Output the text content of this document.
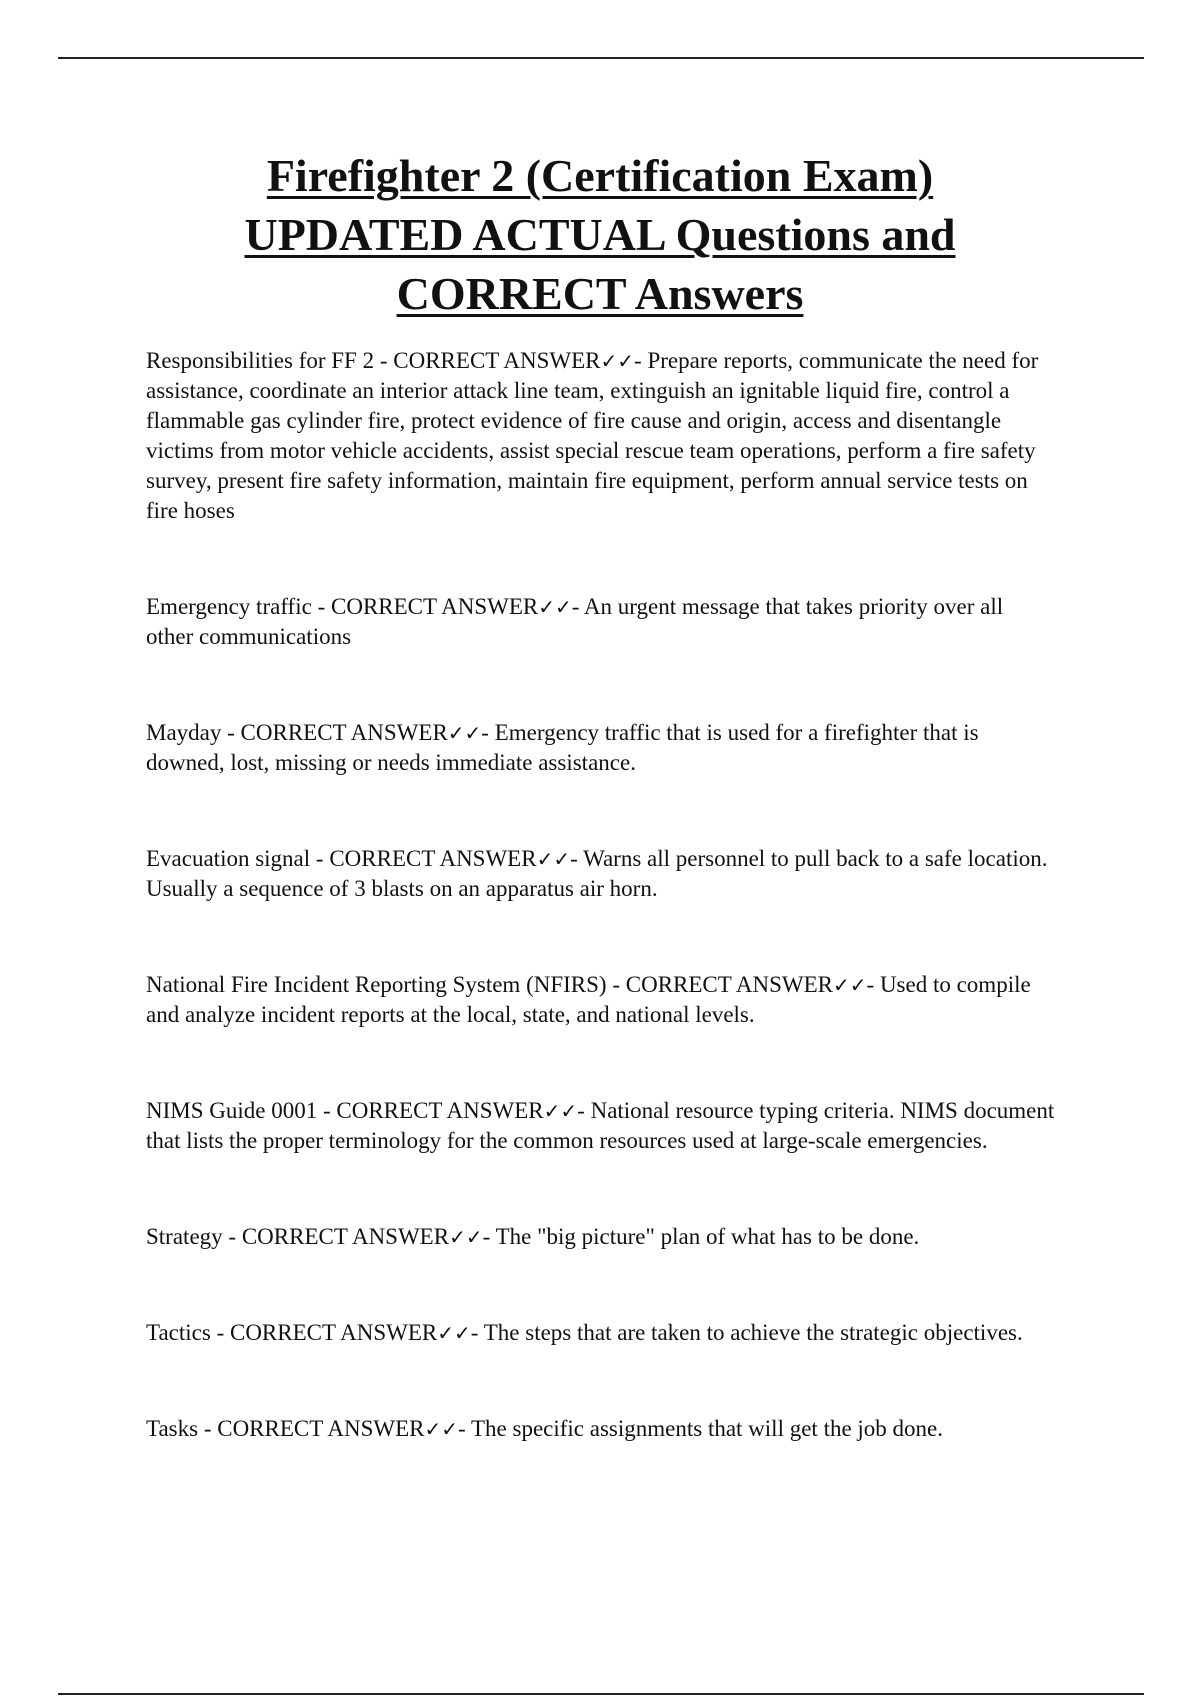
Firefighter 2 (Certification Exam)
UPDATED ACTUAL Questions and
CORRECT Answers

Responsibilities for FF 2 - CORRECT ANSWER✓✓- Prepare reports, communicate the need for assistance, coordinate an interior attack line team, extinguish an ignitable liquid fire, control a flammable gas cylinder fire, protect evidence of fire cause and origin, access and disentangle victims from motor vehicle accidents, assist special rescue team operations, perform a fire safety survey, present fire safety information, maintain fire equipment, perform annual service tests on fire hoses

Emergency traffic - CORRECT ANSWER✓✓- An urgent message that takes priority over all other communications

Mayday - CORRECT ANSWER✓✓- Emergency traffic that is used for a firefighter that is downed, lost, missing or needs immediate assistance.

Evacuation signal - CORRECT ANSWER✓✓- Warns all personnel to pull back to a safe location. Usually a sequence of 3 blasts on an apparatus air horn.

National Fire Incident Reporting System (NFIRS) - CORRECT ANSWER✓✓- Used to compile and analyze incident reports at the local, state, and national levels.

NIMS Guide 0001 - CORRECT ANSWER✓✓- National resource typing criteria. NIMS document that lists the proper terminology for the common resources used at large-scale emergencies.

Strategy - CORRECT ANSWER✓✓- The "big picture" plan of what has to be done.

Tactics - CORRECT ANSWER✓✓- The steps that are taken to achieve the strategic objectives.

Tasks - CORRECT ANSWER✓✓- The specific assignments that will get the job done.
